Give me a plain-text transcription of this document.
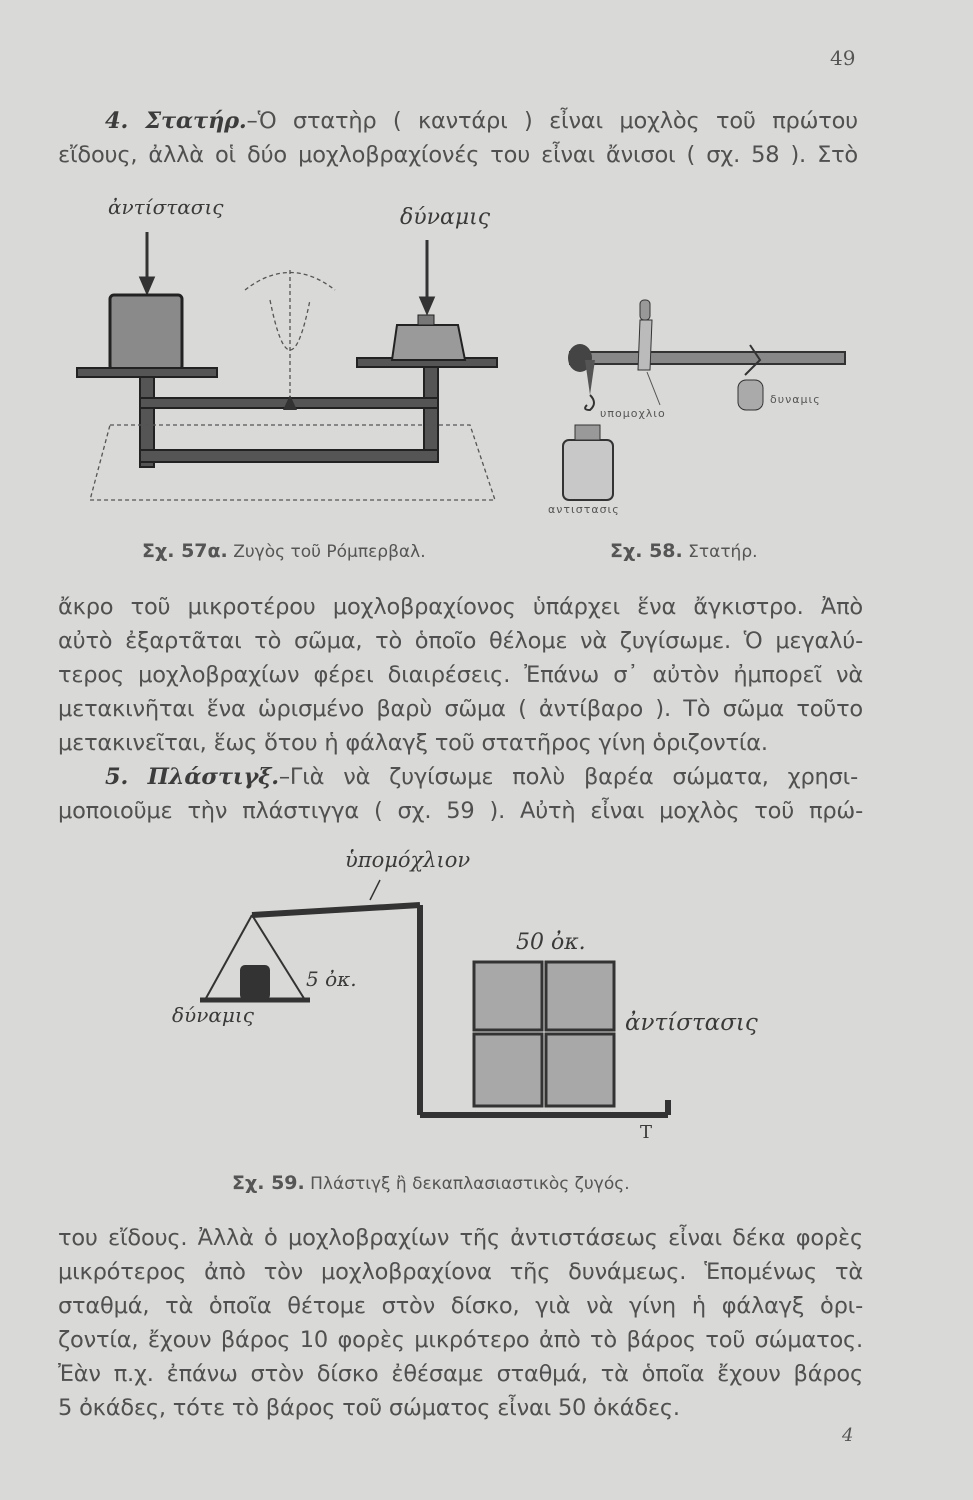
49
4. Στατήρ.–Ὁ στατὴρ ( καντάρι ) εἶναι μοχλὸς τοῦ πρώτου
εἴδους, ἀλλὰ οἱ δύο μοχλοβραχίονές του εἶναι ἄνισοι ( σχ. 58 ). Στὸ
ἀντίστασις	δύναμις
υπομοχλιο
δυναμις
αντιστασις
Σχ. 57α. Ζυγὸς τοῦ Ρόμπερβαλ.	Σχ. 58. Στατήρ.
ἄκρο τοῦ μικροτέρου μοχλοβραχίονος ὑπάρχει ἕνα ἄγκιστρο. Ἀπὸ
αὐτὸ ἐξαρτᾶται τὸ σῶμα, τὸ ὁποῖο θέλομε νὰ ζυγίσωμε. Ὁ μεγαλύ-
τερος μοχλοβραχίων φέρει διαιρέσεις. Ἐπάνω σ᾽ αὐτὸν ἠμπορεῖ νὰ
μετακινῆται ἕνα ὡρισμένο βαρὺ σῶμα ( ἀντίβαρο ). Τὸ σῶμα τοῦτο
μετακινεῖται, ἕως ὅτου ἡ φάλαγξ τοῦ στατῆρος γίνη ὁριζοντία.
5. Πλάστιγξ.–Γιὰ νὰ ζυγίσωμε πολὺ βαρέα σώματα, χρησι-
μοποιοῦμε τὴν πλάστιγγα ( σχ. 59 ). Αὐτὴ εἶναι μοχλὸς τοῦ πρώ-
ὑπομόχλιον
50 ὀκ.
5 ὀκ.
δύναμις	ἀντίστασις
Τ
Σχ. 59. Πλάστιγξ ἢ δεκαπλασιαστικὸς ζυγός.
του εἴδους. Ἀλλὰ ὁ μοχλοβραχίων τῆς ἀντιστάσεως εἶναι δέκα φορὲς
μικρότερος ἀπὸ τὸν μοχλοβραχίονα τῆς δυνάμεως. Ἑπομένως τὰ
σταθμά, τὰ ὁποῖα θέτομε στὸν δίσκο, γιὰ νὰ γίνη ἡ φάλαγξ ὁρι-
ζοντία, ἔχουν βάρος 10 φορὲς μικρότερο ἀπὸ τὸ βάρος τοῦ σώματος.
Ἐὰν π.χ. ἐπάνω στὸν δίσκο ἐθέσαμε σταθμά, τὰ ὁποῖα ἔχουν βάρος
5 ὀκάδες, τότε τὸ βάρος τοῦ σώματος εἶναι 50 ὀκάδες.
4
